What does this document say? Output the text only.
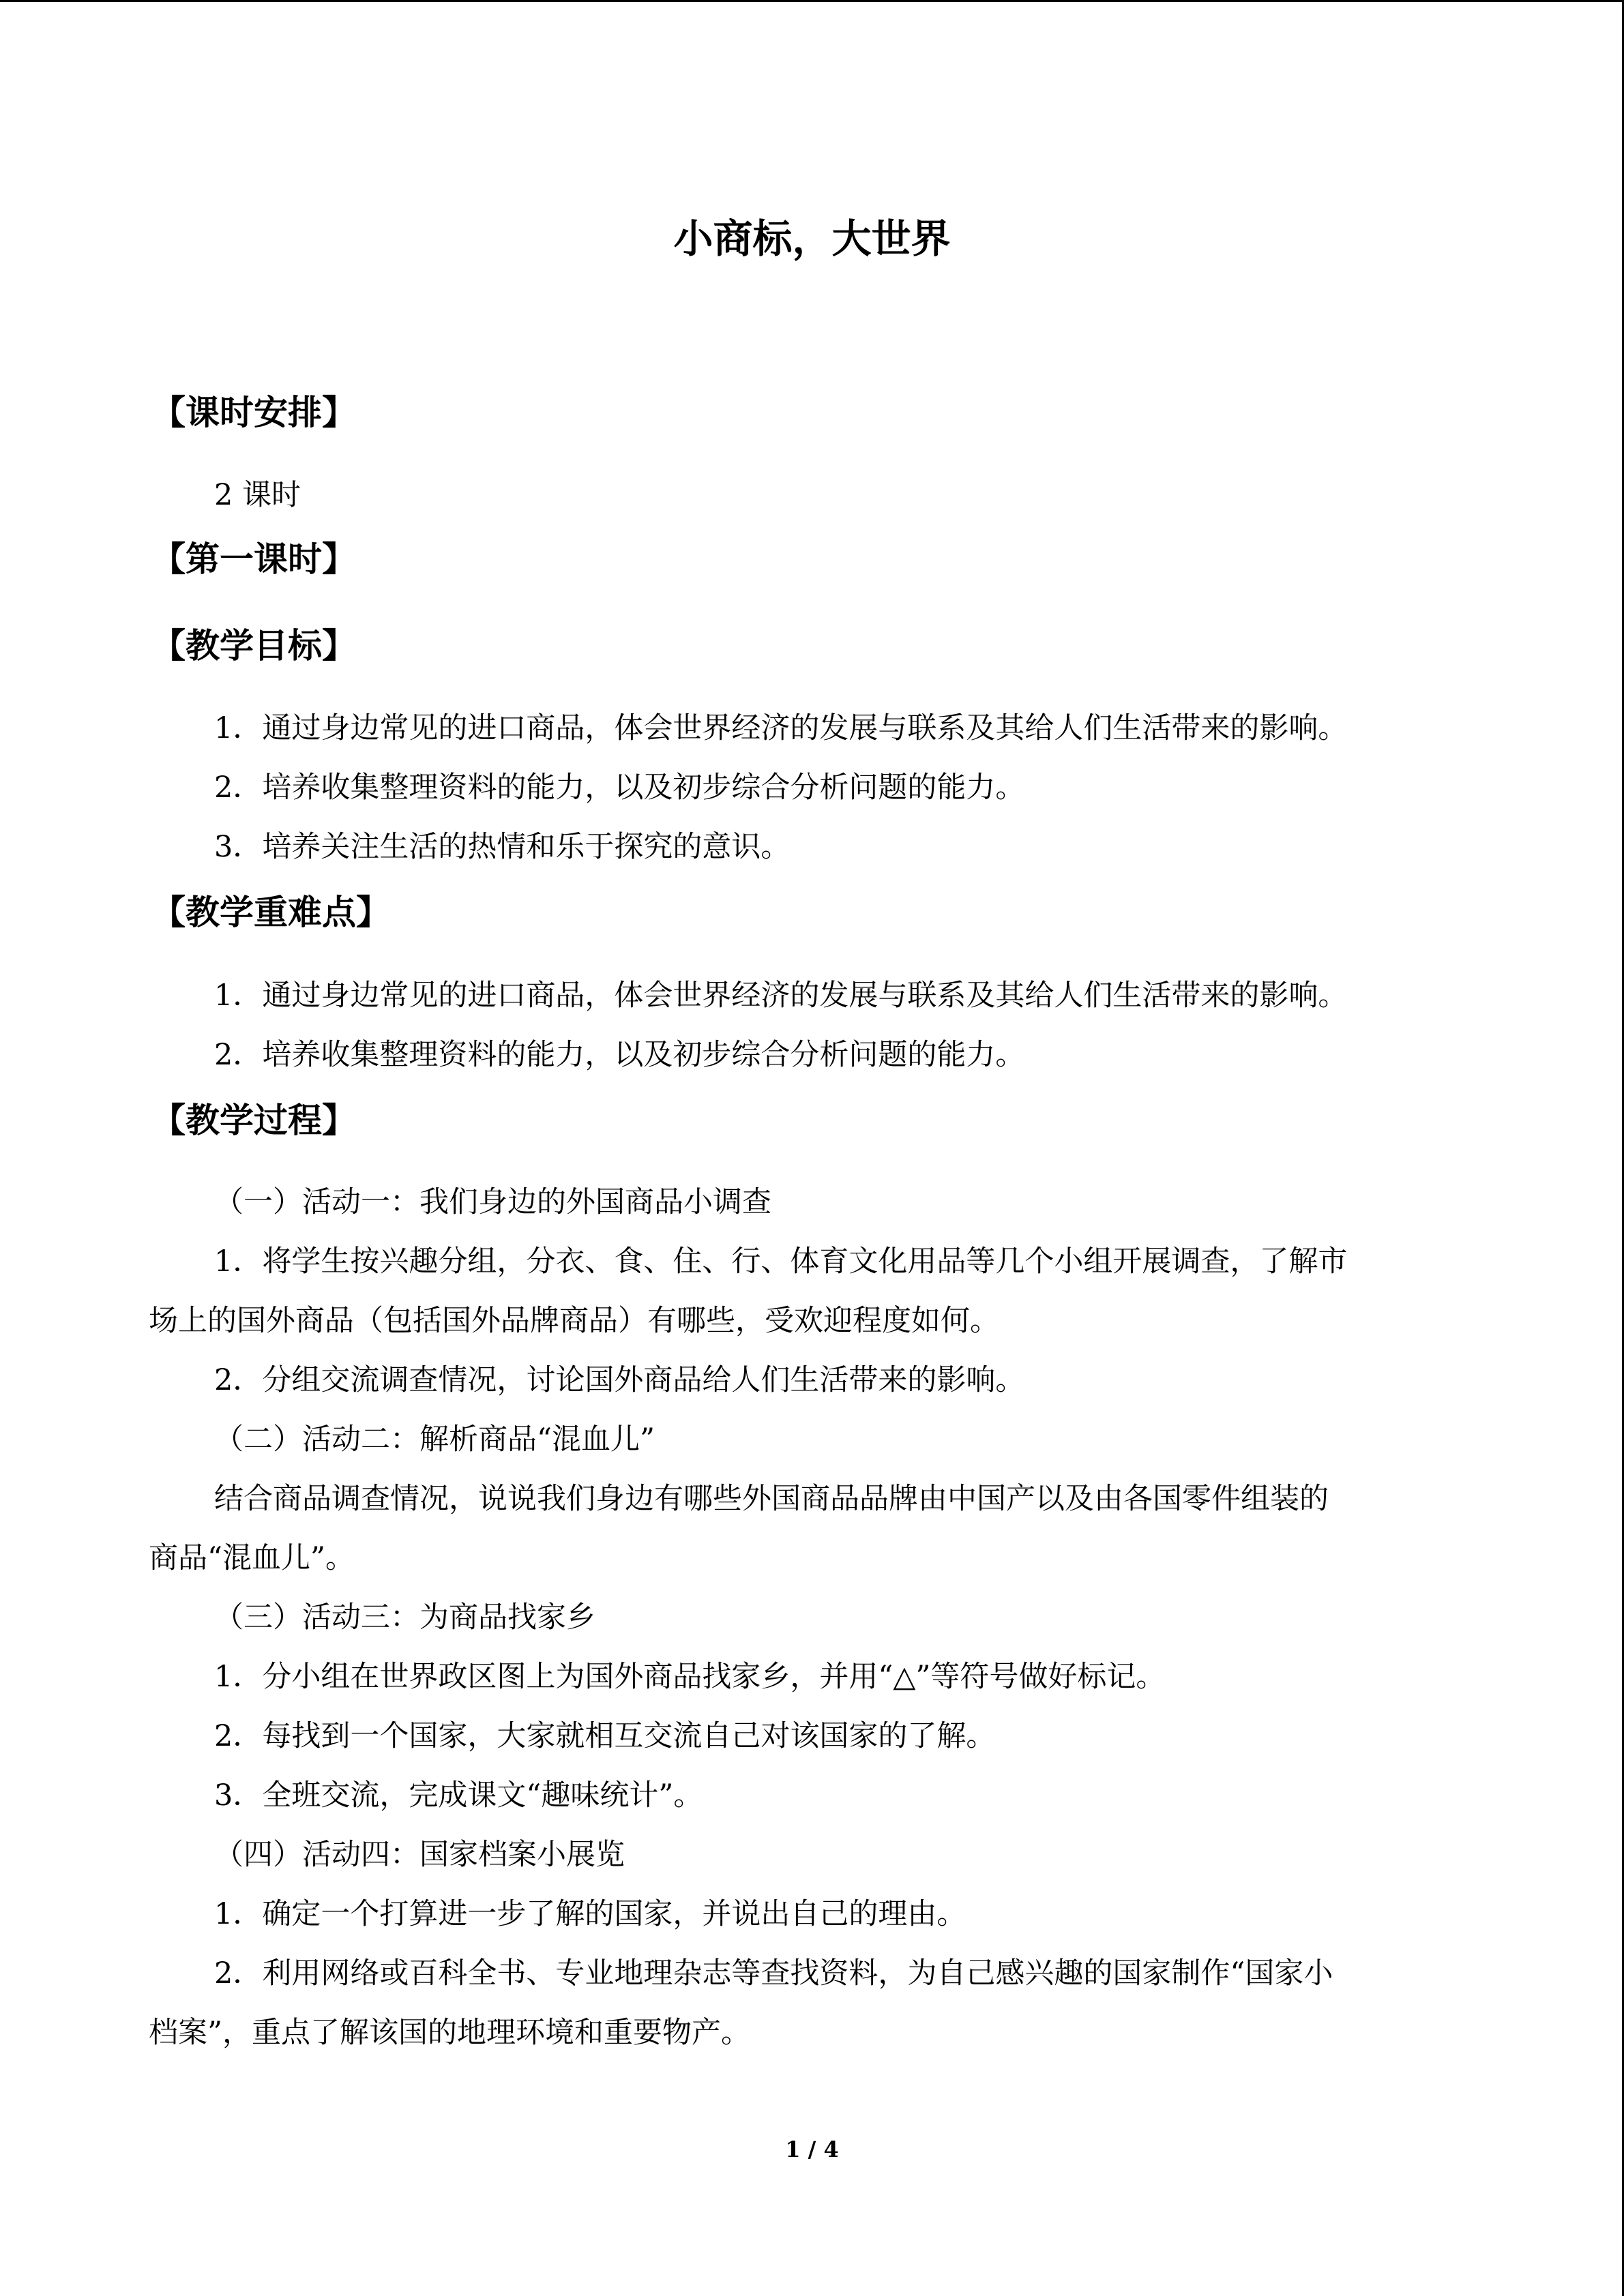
小商标，大世界
【课时安排】
2 课时
【第一课时】
【教学目标】
1．通过身边常见的进口商品，体会世界经济的发展与联系及其给人们生活带来的影响。
2．培养收集整理资料的能力，以及初步综合分析问题的能力。
3．培养关注生活的热情和乐于探究的意识。
【教学重难点】
1．通过身边常见的进口商品，体会世界经济的发展与联系及其给人们生活带来的影响。
2．培养收集整理资料的能力，以及初步综合分析问题的能力。
【教学过程】
（一）活动一：我们身边的外国商品小调查
1．将学生按兴趣分组，分衣、食、住、行、体育文化用品等几个小组开展调查，了解市
场上的国外商品（包括国外品牌商品）有哪些，受欢迎程度如何。
2．分组交流调查情况，讨论国外商品给人们生活带来的影响。
（二）活动二：解析商品“混血儿”
结合商品调查情况，说说我们身边有哪些外国商品品牌由中国产以及由各国零件组装的
商品“混血儿”。
（三）活动三：为商品找家乡
1．分小组在世界政区图上为国外商品找家乡，并用“△”等符号做好标记。
2．每找到一个国家，大家就相互交流自己对该国家的了解。
3．全班交流，完成课文“趣味统计”。
（四）活动四：国家档案小展览
1．确定一个打算进一步了解的国家，并说出自己的理由。
2．利用网络或百科全书、专业地理杂志等查找资料，为自己感兴趣的国家制作“国家小
档案”，重点了解该国的地理环境和重要物产。
1 / 4
